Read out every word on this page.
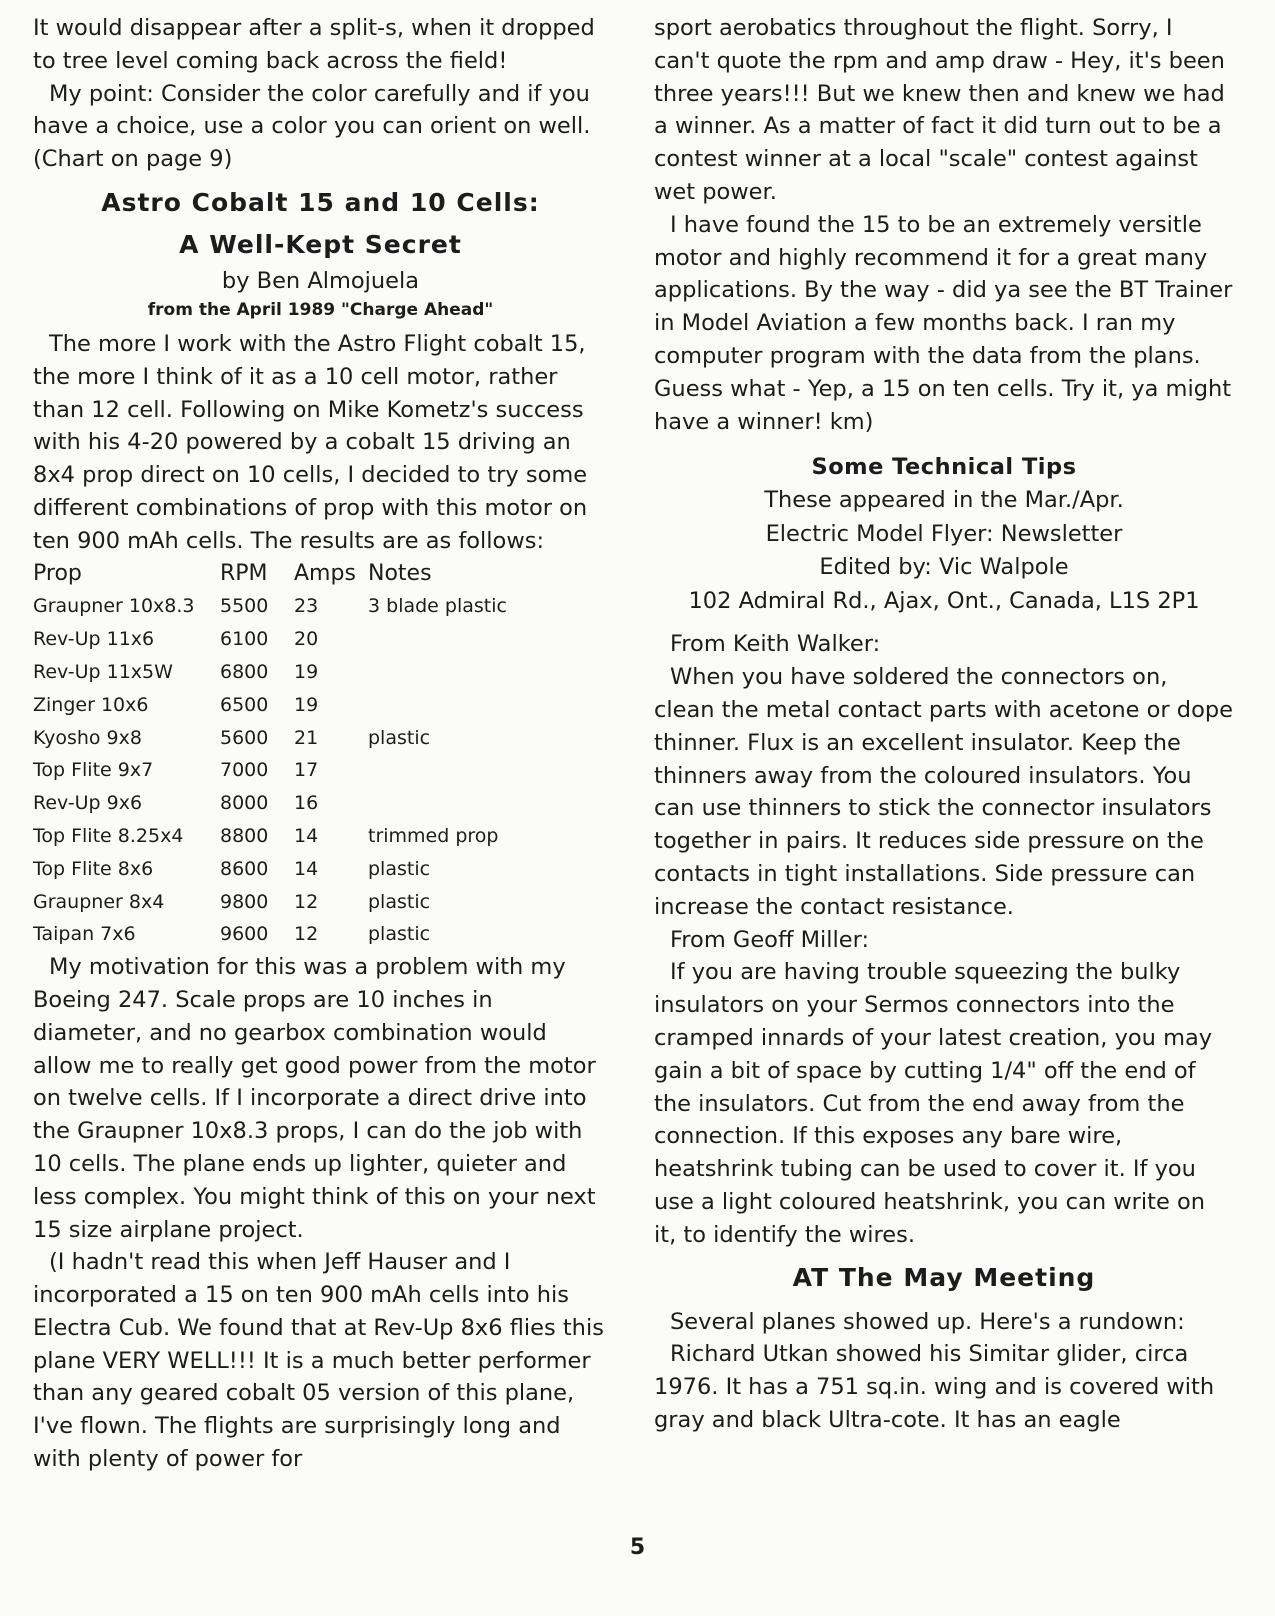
It would disappear after a split-s, when it dropped to tree level coming back across the field!

My point: Consider the color carefully and if you have a choice, use a color you can orient on well. (Chart on page 9)

Astro Cobalt 15 and 10 Cells:
A Well-Kept Secret

by Ben Almojuela

from the April 1989 "Charge Ahead"

The more I work with the Astro Flight cobalt 15, the more I think of it as a 10 cell motor, rather than 12 cell. Following on Mike Kometz's success with his 4-20 powered by a cobalt 15 driving an 8x4 prop direct on 10 cells, I decided to try some different combinations of prop with this motor on ten 900 mAh cells. The results are as follows:

Prop	RPM	Amps	Notes
Graupner 10x8.3	5500	23	3 blade plastic
Rev-Up 11x6	6100	20	
Rev-Up 11x5W	6800	19	
Zinger 10x6	6500	19	
Kyosho 9x8	5600	21	plastic
Top Flite 9x7	7000	17	
Rev-Up 9x6	8000	16	
Top Flite 8.25x4	8800	14	trimmed prop
Top Flite 8x6	8600	14	plastic
Graupner 8x4	9800	12	plastic
Taipan 7x6	9600	12	plastic

My motivation for this was a problem with my Boeing 247. Scale props are 10 inches in diameter, and no gearbox combination would allow me to really get good power from the motor on twelve cells. If I incorporate a direct drive into the Graupner 10x8.3 props, I can do the job with 10 cells. The plane ends up lighter, quieter and less complex. You might think of this on your next 15 size airplane project.

(I hadn't read this when Jeff Hauser and I incorporated a 15 on ten 900 mAh cells into his Electra Cub. We found that at Rev-Up 8x6 flies this plane VERY WELL!!! It is a much better performer than any geared cobalt 05 version of this plane, I've flown. The flights are surprisingly long and with plenty of power for

sport aerobatics throughout the flight. Sorry, I can't quote the rpm and amp draw - Hey, it's been three years!!! But we knew then and knew we had a winner. As a matter of fact it did turn out to be a contest winner at a local "scale" contest against wet power.

I have found the 15 to be an extremely versitle motor and highly recommend it for a great many applications. By the way - did ya see the BT Trainer in Model Aviation a few months back. I ran my computer program with the data from the plans. Guess what - Yep, a 15 on ten cells. Try it, ya might have a winner! km)

Some Technical Tips

These appeared in the Mar./Apr.

Electric Model Flyer: Newsletter

Edited by: Vic Walpole

102 Admiral Rd., Ajax, Ont., Canada, L1S 2P1

From Keith Walker:

When you have soldered the connectors on, clean the metal contact parts with acetone or dope thinner. Flux is an excellent insulator. Keep the thinners away from the coloured insulators. You can use thinners to stick the connector insulators together in pairs. It reduces side pressure on the contacts in tight installations. Side pressure can increase the contact resistance.

From Geoff Miller:

If you are having trouble squeezing the bulky insulators on your Sermos connectors into the cramped innards of your latest creation, you may gain a bit of space by cutting 1/4" off the end of the insulators. Cut from the end away from the connection. If this exposes any bare wire, heatshrink tubing can be used to cover it. If you use a light coloured heatshrink, you can write on it, to identify the wires.

AT The May Meeting

Several planes showed up. Here's a rundown:

Richard Utkan showed his Simitar glider, circa 1976. It has a 751 sq.in. wing and is covered with gray and black Ultra-cote. It has an eagle

5
